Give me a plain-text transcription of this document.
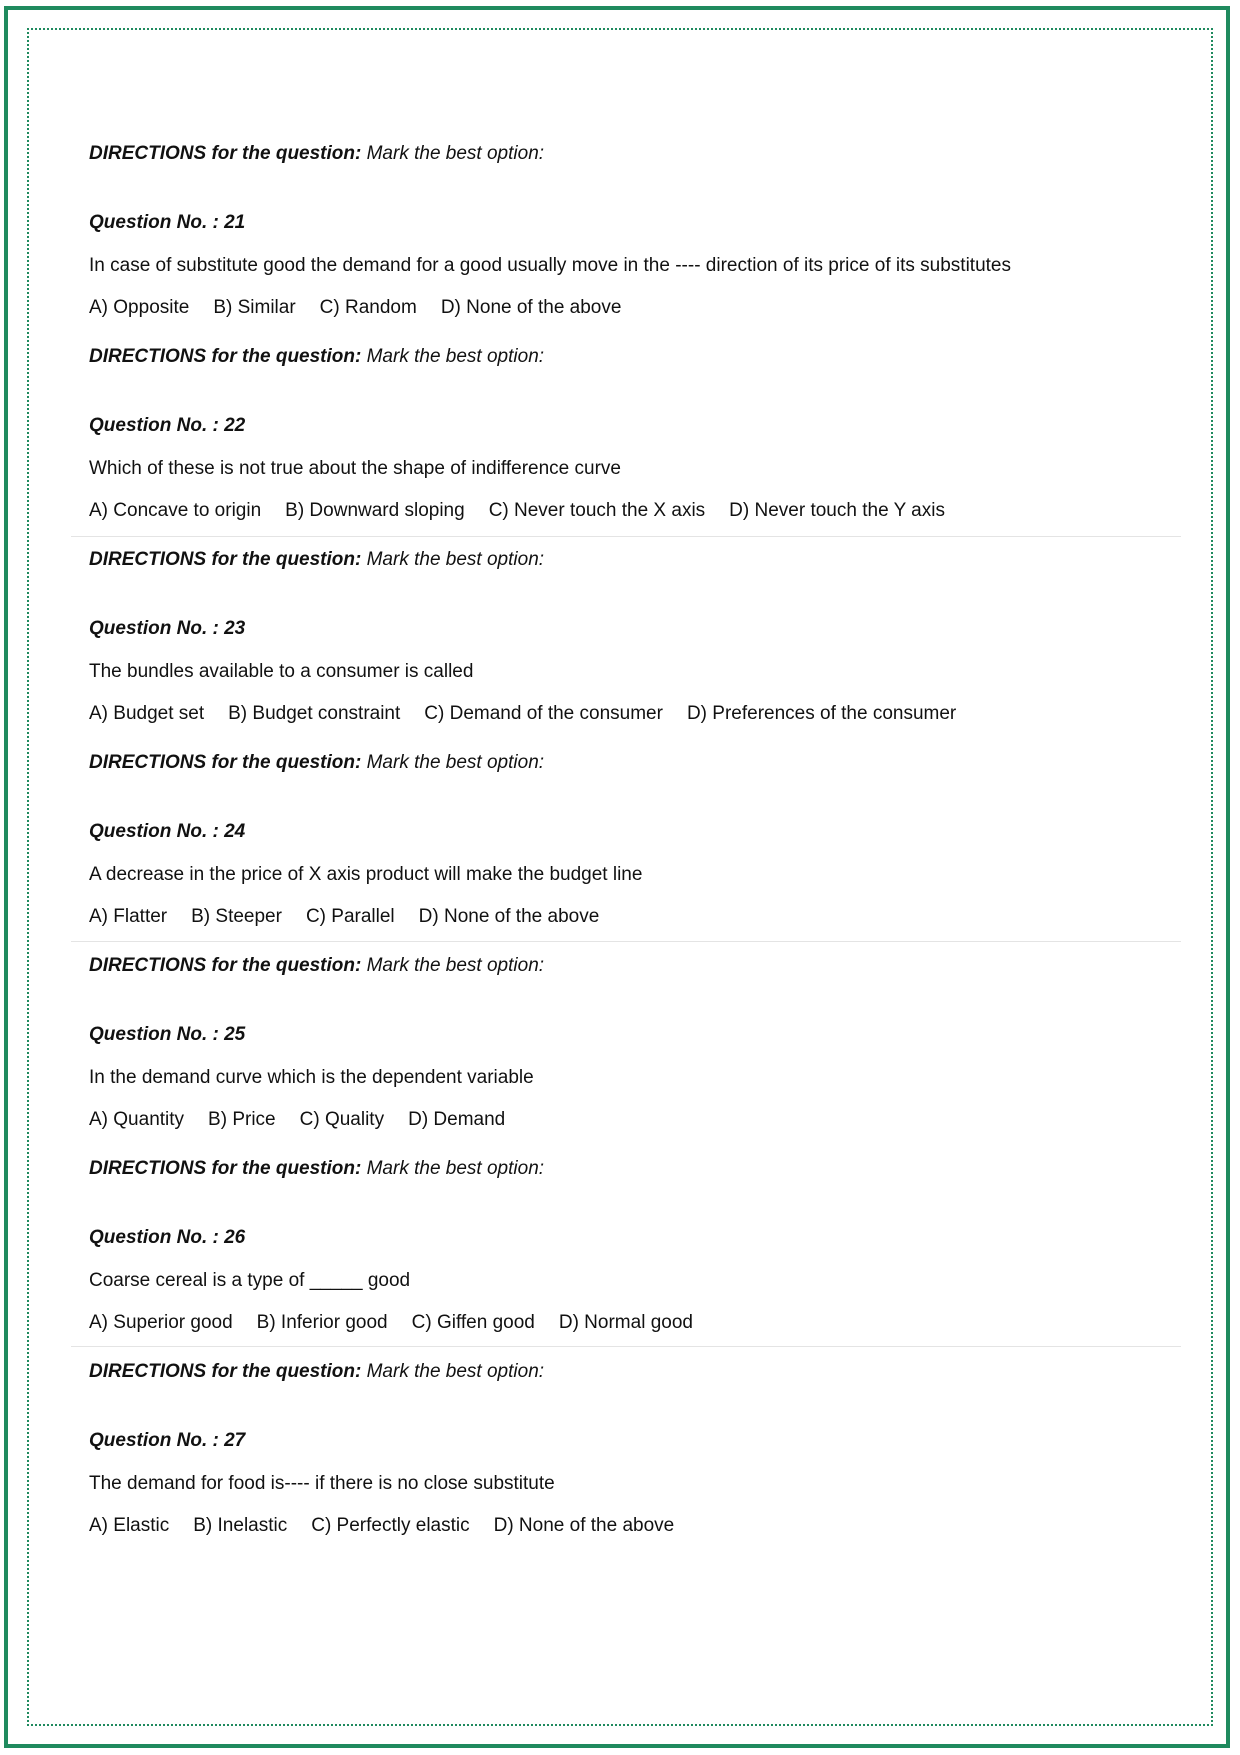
DIRECTIONS for the question: Mark the best option:
Question No. : 21
In case of substitute good the demand for a good usually move in the ---- direction of its price of its substitutes
A) Opposite B) Similar C) Random D) None of the above
DIRECTIONS for the question: Mark the best option:
Question No. : 22
Which of these is not true about the shape of indifference curve
A) Concave to origin B) Downward sloping C) Never touch the X axis D) Never touch the Y axis
DIRECTIONS for the question: Mark the best option:
Question No. : 23
The bundles available to a consumer is called
A) Budget set B) Budget constraint C) Demand of the consumer D) Preferences of the consumer
DIRECTIONS for the question: Mark the best option:
Question No. : 24
A decrease in the price of X axis product will make the budget line
A) Flatter B) Steeper C) Parallel D) None of the above
DIRECTIONS for the question: Mark the best option:
Question No. : 25
In the demand curve which is the dependent variable
A) Quantity B) Price C) Quality D) Demand
DIRECTIONS for the question: Mark the best option:
Question No. : 26
Coarse cereal is a type of _____ good
A) Superior good B) Inferior good C) Giffen good D) Normal good
DIRECTIONS for the question: Mark the best option:
Question No. : 27
The demand for food is---- if there is no close substitute
A) Elastic B) Inelastic C) Perfectly elastic D) None of the above
